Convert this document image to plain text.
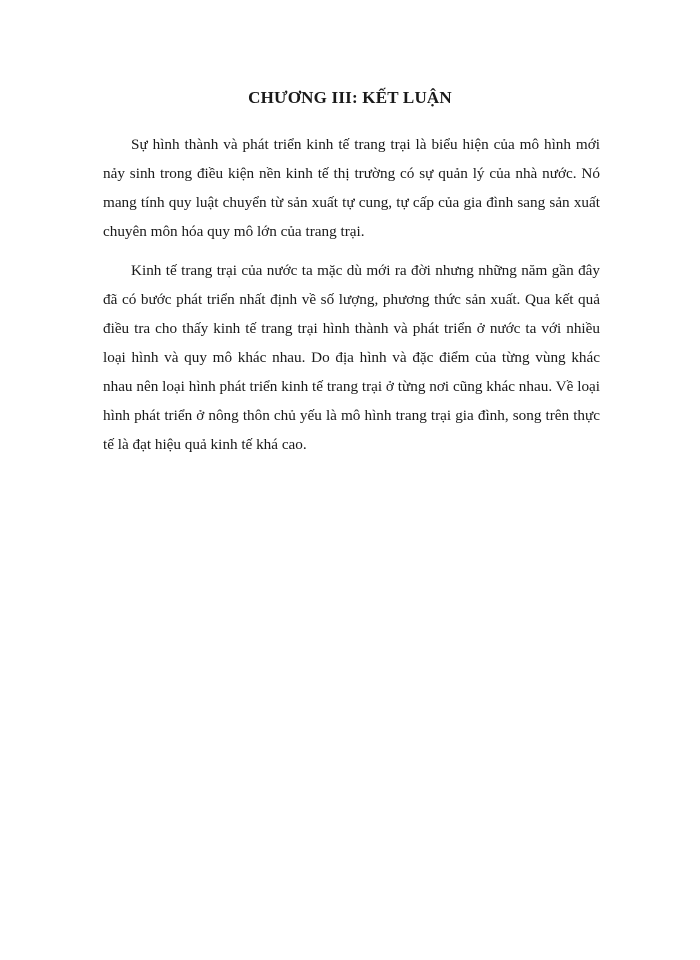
CHƯƠNG III: KẾT LUẬN

Sự hình thành và phát triển kinh tế trang trại là biểu hiện của mô hình mới nảy sinh trong điều kiện nền kinh tế thị trường có sự quản lý của nhà nước. Nó mang tính quy luật chuyển từ sản xuất tự cung, tự cấp của gia đình sang sản xuất chuyên môn hóa quy mô lớn của trang trại.

Kinh tế trang trại của nước ta mặc dù mới ra đời nhưng những năm gần đây đã có bước phát triển nhất định về số lượng, phương thức sản xuất. Qua kết quả điều tra cho thấy kinh tế trang trại hình thành và phát triển ở nước ta với nhiều loại hình và quy mô khác nhau. Do địa hình và đặc điểm của từng vùng khác nhau nên loại hình phát triển kinh tế trang trại ở từng nơi cũng khác nhau. Về loại hình phát triển ở nông thôn chủ yếu là mô hình trang trại gia đình, song trên thực tế là đạt hiệu quả kinh tế khá cao.
